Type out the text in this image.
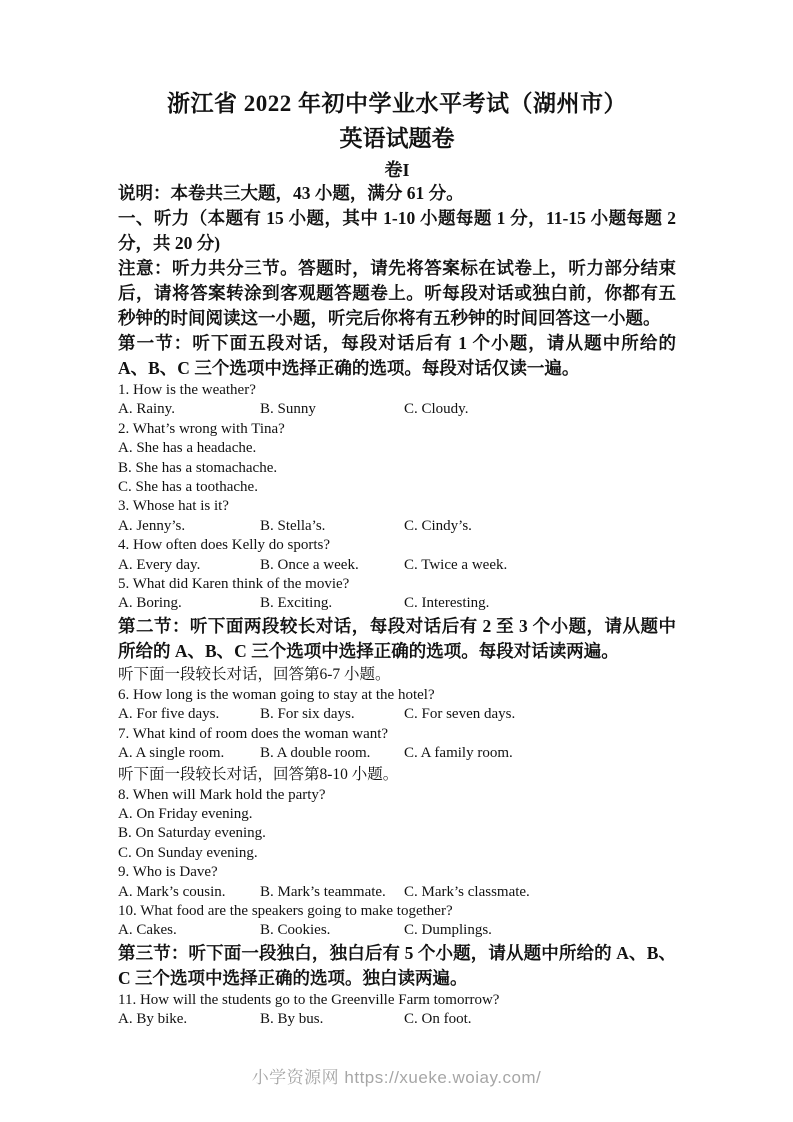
浙江省 2022 年初中学业水平考试（湖州市）
英语试题卷
卷I

说明：本卷共三大题，43 小题，满分 61 分。

一、听力（本题有 15 小题，其中 1-10 小题每题 1 分，11-15 小题每题 2 分，共 20 分)

注意：听力共分三节。答题时，请先将答案标在试卷上，听力部分结束后，请将答案转涂到客观题答题卷上。听每段对话或独白前，你都有五秒钟的时间阅读这一小题，听完后你将有五秒钟的时间回答这一小题。

第一节：听下面五段对话，每段对话后有 1 个小题，请从题中所给的 A、B、C 三个选项中选择正确的选项。每段对话仅读一遍。

1. How is the weather?

A. Rainy.	B. Sunny	C. Cloudy.

2. What’s wrong with Tina?

A. She has a headache.
B. She has a stomachache.
C. She has a toothache.

3. Whose hat is it?

A. Jenny’s.	B. Stella’s.	C. Cindy’s.

4. How often does Kelly do sports?

A. Every day.	B. Once a week.	C. Twice a week.

5. What did Karen think of the movie?

A. Boring.	B. Exciting.	C. Interesting.

第二节：听下面两段较长对话，每段对话后有 2 至 3 个小题，请从题中所给的 A、B、C 三个选项中选择正确的选项。每段对话读两遍。

听下面一段较长对话，回答第6-7 小题。

6. How long is the woman going to stay at the hotel?

A. For five days.	B. For six days.	C. For seven days.

7. What kind of room does the woman want?

A. A single room.	B. A double room.	C. A family room.

听下面一段较长对话，回答第8-10 小题。

8. When will Mark hold the party?

A. On Friday evening.
B. On Saturday evening.
C. On Sunday evening.

9. Who is Dave?

A. Mark’s cousin.	B. Mark’s teammate.	C. Mark’s classmate.

10. What food are the speakers going to make together?

A. Cakes.	B. Cookies.	C. Dumplings.

第三节：听下面一段独白，独白后有 5 个小题，请从题中所给的 A、B、C 三个选项中选择正确的选项。独白读两遍。

11. How will the students go to the Greenville Farm tomorrow?

A. By bike.	B. By bus.	C. On foot.
小学资源网 https://xueke.woiay.com/
